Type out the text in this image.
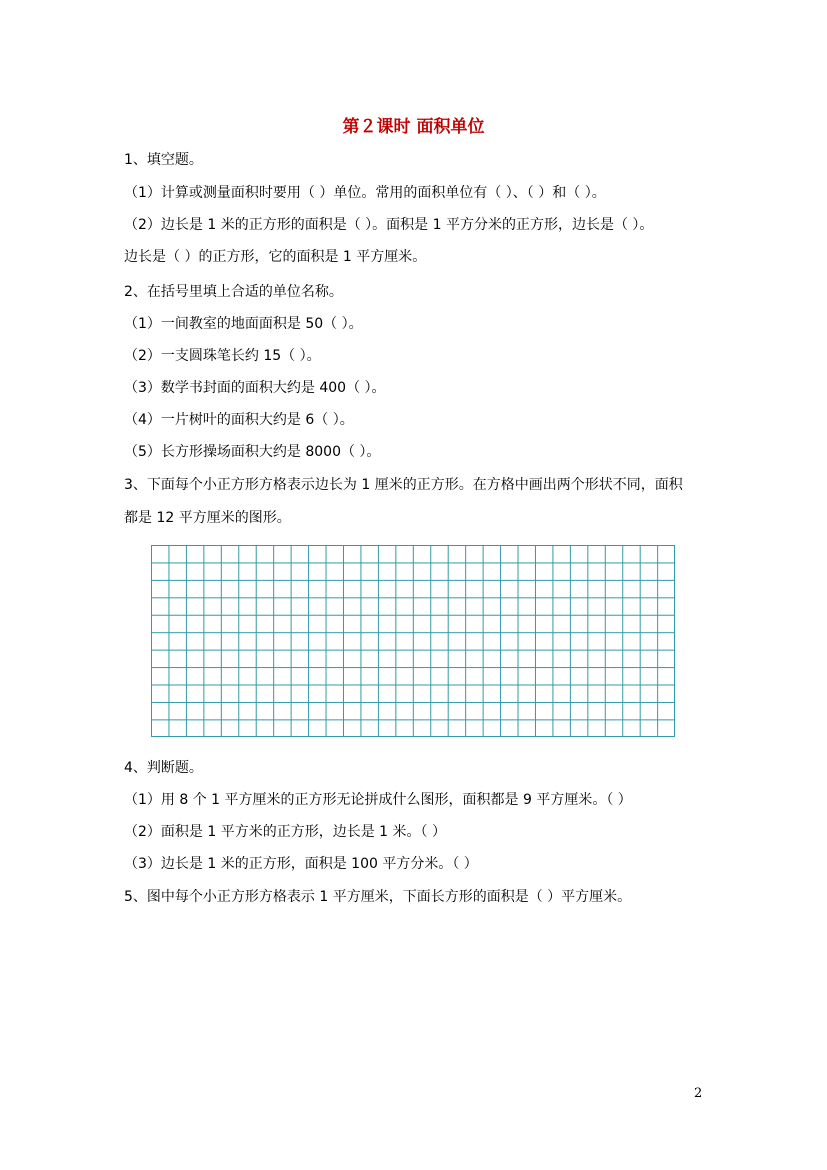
第２课时 面积单位
1、填空题。
（1）计算或测量面积时要用（ ）单位。常用的面积单位有（ ）、（ ）和（ ）。
（2）边长是 1 米的正方形的面积是（ ）。面积是 1 平方分米的正方形，边长是（ ）。
边长是（ ）的正方形，它的面积是 1 平方厘米。
2、在括号里填上合适的单位名称。
（1）一间教室的地面面积是 50（ ）。
（2）一支圆珠笔长约 15（ ）。
（3）数学书封面的面积大约是 400（ ）。
（4）一片树叶的面积大约是 6（ ）。
（5）长方形操场面积大约是 8000（ ）。
3、下面每个小正方形方格表示边长为 1 厘米的正方形。在方格中画出两个形状不同，面积
都是 12 平方厘米的图形。
4、判断题。
（1）用 8 个 1 平方厘米的正方形无论拼成什么图形，面积都是 9 平方厘米。（ ）
（2）面积是 1 平方米的正方形，边长是 1 米。（ ）
（3）边长是 1 米的正方形，面积是 100 平方分米。（ ）
5、图中每个小正方形方格表示 1 平方厘米，下面长方形的面积是（ ）平方厘米。
2
